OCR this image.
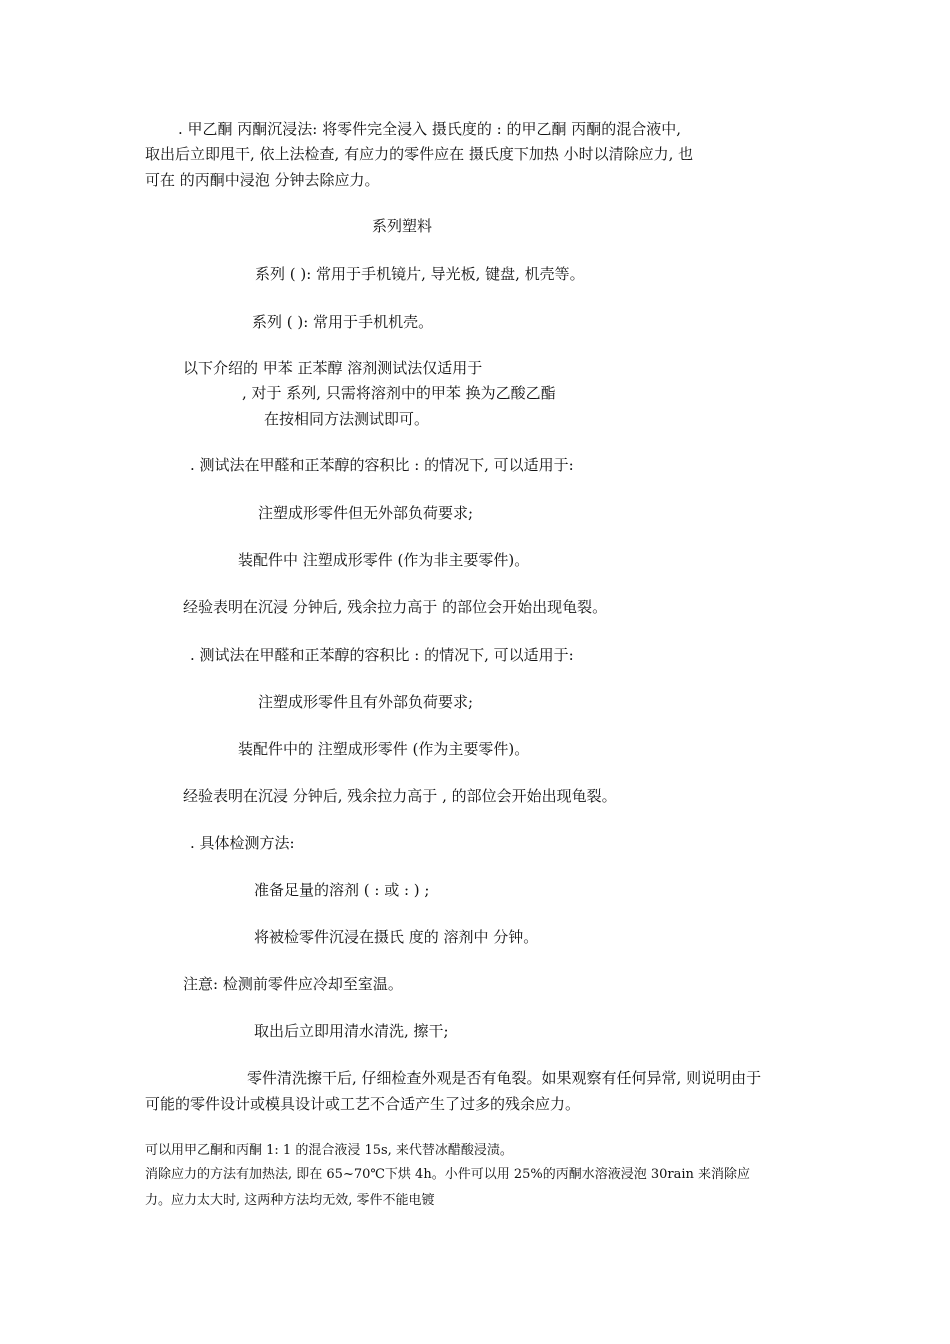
. 甲乙酮 丙酮沉浸法: 将零件完全浸入 摄氏度的 : 的甲乙酮 丙酮的混合液中,
取出后立即甩干, 依上法检查, 有应力的零件应在 摄氏度下加热 小时以清除应力, 也
可在 的丙酮中浸泡 分钟去除应力。
系列塑料
系列 ( ): 常用于手机镜片, 导光板, 键盘, 机壳等。
系列 ( ): 常用于手机机壳。
以下介绍的 甲苯 正苯醇 溶剂测试法仅适用于
, 对于 系列, 只需将溶剂中的甲苯 换为乙酸乙酯
在按相同方法测试即可。
. 测试法在甲醛和正苯醇的容积比 : 的情况下, 可以适用于:
注塑成形零件但无外部负荷要求;
装配件中 注塑成形零件 (作为非主要零件)。
经验表明在沉浸 分钟后, 残余拉力高于 的部位会开始出现龟裂。
. 测试法在甲醛和正苯醇的容积比 : 的情况下, 可以适用于:
注塑成形零件且有外部负荷要求;
装配件中的 注塑成形零件 (作为主要零件)。
经验表明在沉浸 分钟后, 残余拉力高于 , 的部位会开始出现龟裂。
. 具体检测方法:
准备足量的溶剂 ( : 或 : ) ;
将被检零件沉浸在摄氏 度的 溶剂中 分钟。
注意: 检测前零件应冷却至室温。
取出后立即用清水清洗, 擦干;
零件清洗擦干后, 仔细检查外观是否有龟裂。如果观察有任何异常, 则说明由于
可能的零件设计或模具设计或工艺不合适产生了过多的残余应力。
可以用甲乙酮和丙酮 1: 1 的混合液浸 15s, 来代替冰醋酸浸渍。
消除应力的方法有加热法, 即在 65~70℃下烘 4h。小件可以用 25%的丙酮水溶液浸泡 30rain 来消除应
力。应力太大时, 这两种方法均无效, 零件不能电镀
